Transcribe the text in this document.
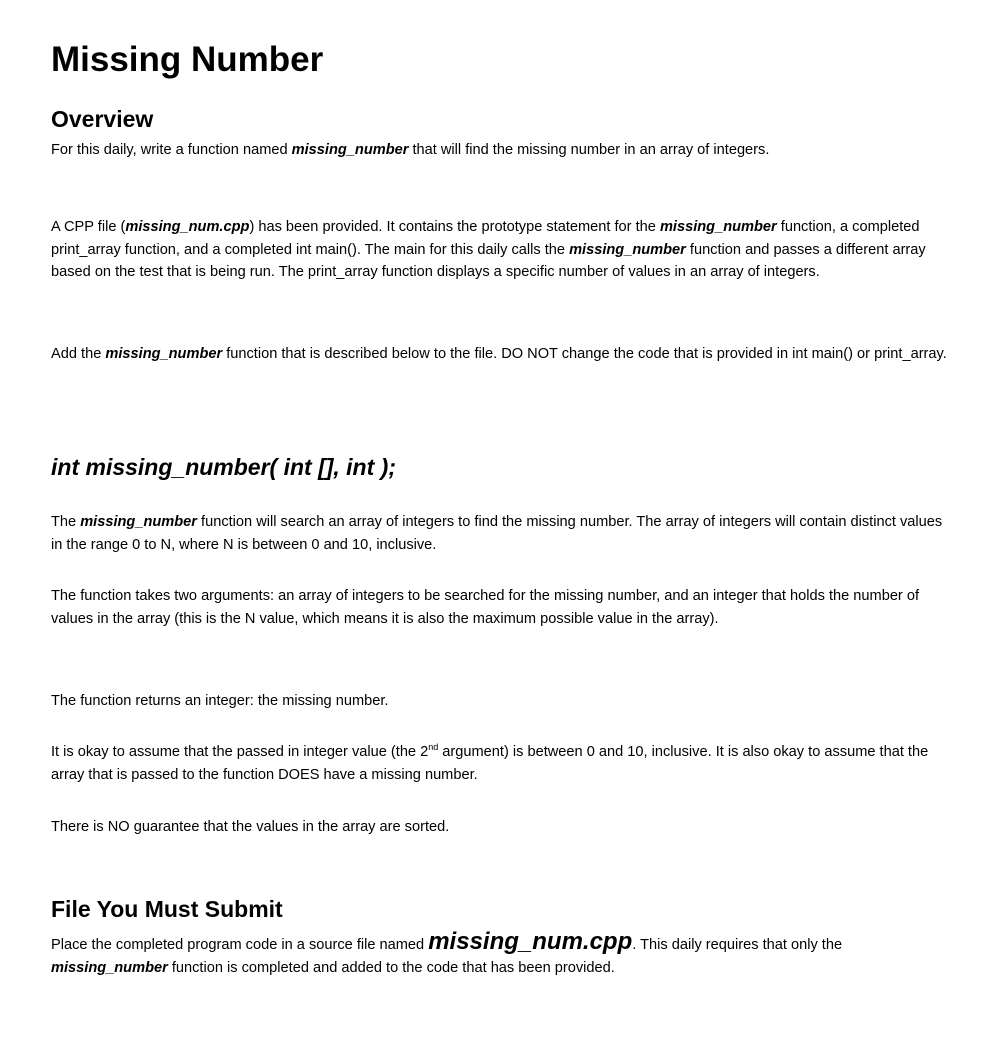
Missing Number
Overview

For this daily, write a function named missing_number that will find the missing number in an array of integers.

A CPP file (missing_num.cpp) has been provided. It contains the prototype statement for the missing_number function, a completed print_array function, and a completed int main(). The main for this daily calls the missing_number function and passes a different array based on the test that is being run. The print_array function displays a specific number of values in an array of integers.

Add the missing_number function that is described below to the file. DO NOT change the code that is provided in int main() or print_array.

int missing_number( int [], int );

The missing_number function will search an array of integers to find the missing number. The array of integers will contain distinct values in the range 0 to N, where N is between 0 and 10, inclusive.

The function takes two arguments: an array of integers to be searched for the missing number, and an integer that holds the number of values in the array (this is the N value, which means it is also the maximum possible value in the array).

The function returns an integer: the missing number.

It is okay to assume that the passed in integer value (the 2nd argument) is between 0 and 10, inclusive. It is also okay to assume that the array that is passed to the function DOES have a missing number.

There is NO guarantee that the values in the array are sorted.

File You Must Submit

Place the completed program code in a source file named missing_num.cpp. This daily requires that only the missing_number function is completed and added to the code that has been provided.
